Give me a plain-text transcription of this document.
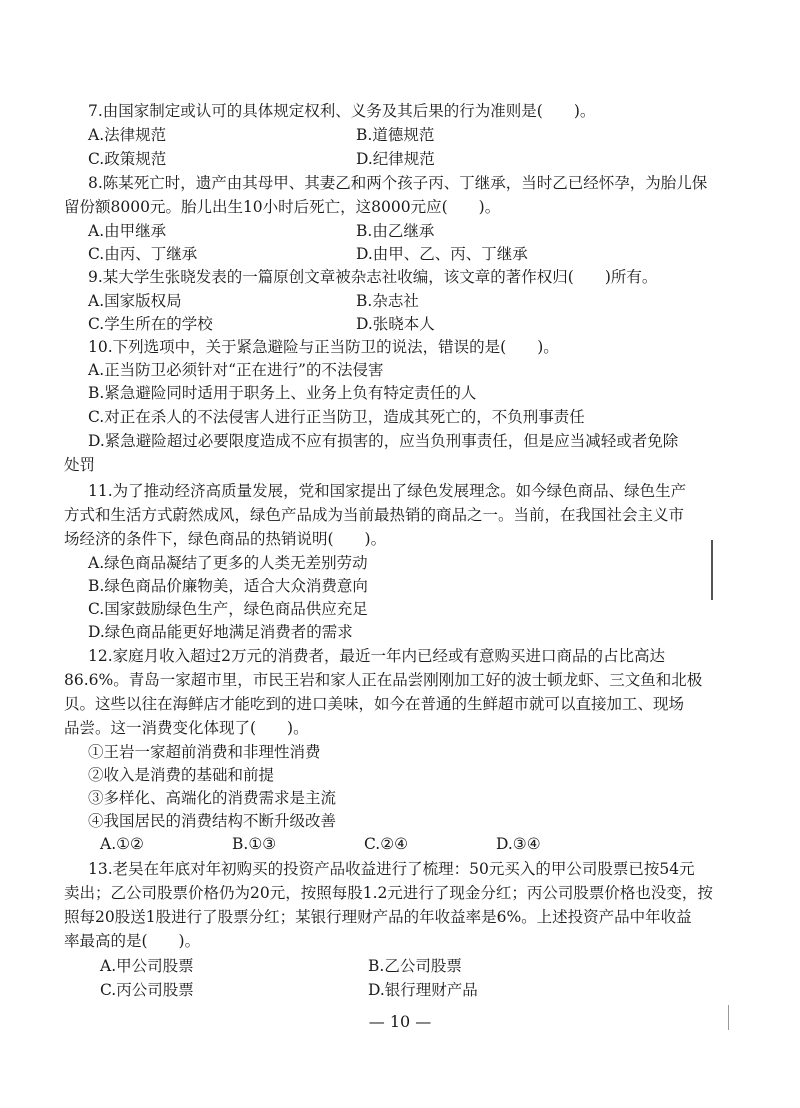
7.由国家制定或认可的具体规定权利、义务及其后果的行为准则是(　　)。
A.法律规范	B.道德规范
C.政策规范	D.纪律规范
8.陈某死亡时，遗产由其母甲、其妻乙和两个孩子丙、丁继承，当时乙已经怀孕，为胎儿保
留份额8000元。胎儿出生10小时后死亡，这8000元应(　　)。
A.由甲继承	B.由乙继承
C.由丙、丁继承	D.由甲、乙、丙、丁继承
9.某大学生张晓发表的一篇原创文章被杂志社收编，该文章的著作权归(　　)所有。
A.国家版权局	B.杂志社
C.学生所在的学校	D.张晓本人
10.下列选项中，关于紧急避险与正当防卫的说法，错误的是(　　)。
A.正当防卫必须针对“正在进行”的不法侵害
B.紧急避险同时适用于职务上、业务上负有特定责任的人
C.对正在杀人的不法侵害人进行正当防卫，造成其死亡的，不负刑事责任
D.紧急避险超过必要限度造成不应有损害的，应当负刑事责任，但是应当减轻或者免除
处罚
11.为了推动经济高质量发展，党和国家提出了绿色发展理念。如今绿色商品、绿色生产
方式和生活方式蔚然成风，绿色产品成为当前最热销的商品之一。当前，在我国社会主义市
场经济的条件下，绿色商品的热销说明(　　)。
A.绿色商品凝结了更多的人类无差别劳动
B.绿色商品价廉物美，适合大众消费意向
C.国家鼓励绿色生产，绿色商品供应充足
D.绿色商品能更好地满足消费者的需求
12.家庭月收入超过2万元的消费者，最近一年内已经或有意购买进口商品的占比高达
86.6%。青岛一家超市里，市民王岩和家人正在品尝刚刚加工好的波士顿龙虾、三文鱼和北极
贝。这些以往在海鲜店才能吃到的进口美味，如今在普通的生鲜超市就可以直接加工、现场
品尝。这一消费变化体现了(　　)。
①王岩一家超前消费和非理性消费
②收入是消费的基础和前提
③多样化、高端化的消费需求是主流
④我国居民的消费结构不断升级改善
A.①②	B.①③	C.②④	D.③④
13.老吴在年底对年初购买的投资产品收益进行了梳理：50元买入的甲公司股票已按54元
卖出；乙公司股票价格仍为20元，按照每股1.2元进行了现金分红；丙公司股票价格也没变，按
照每20股送1股进行了股票分红；某银行理财产品的年收益率是6%。上述投资产品中年收益
率最高的是(　　)。
A.甲公司股票	B.乙公司股票
C.丙公司股票	D.银行理财产品
— 10 —
